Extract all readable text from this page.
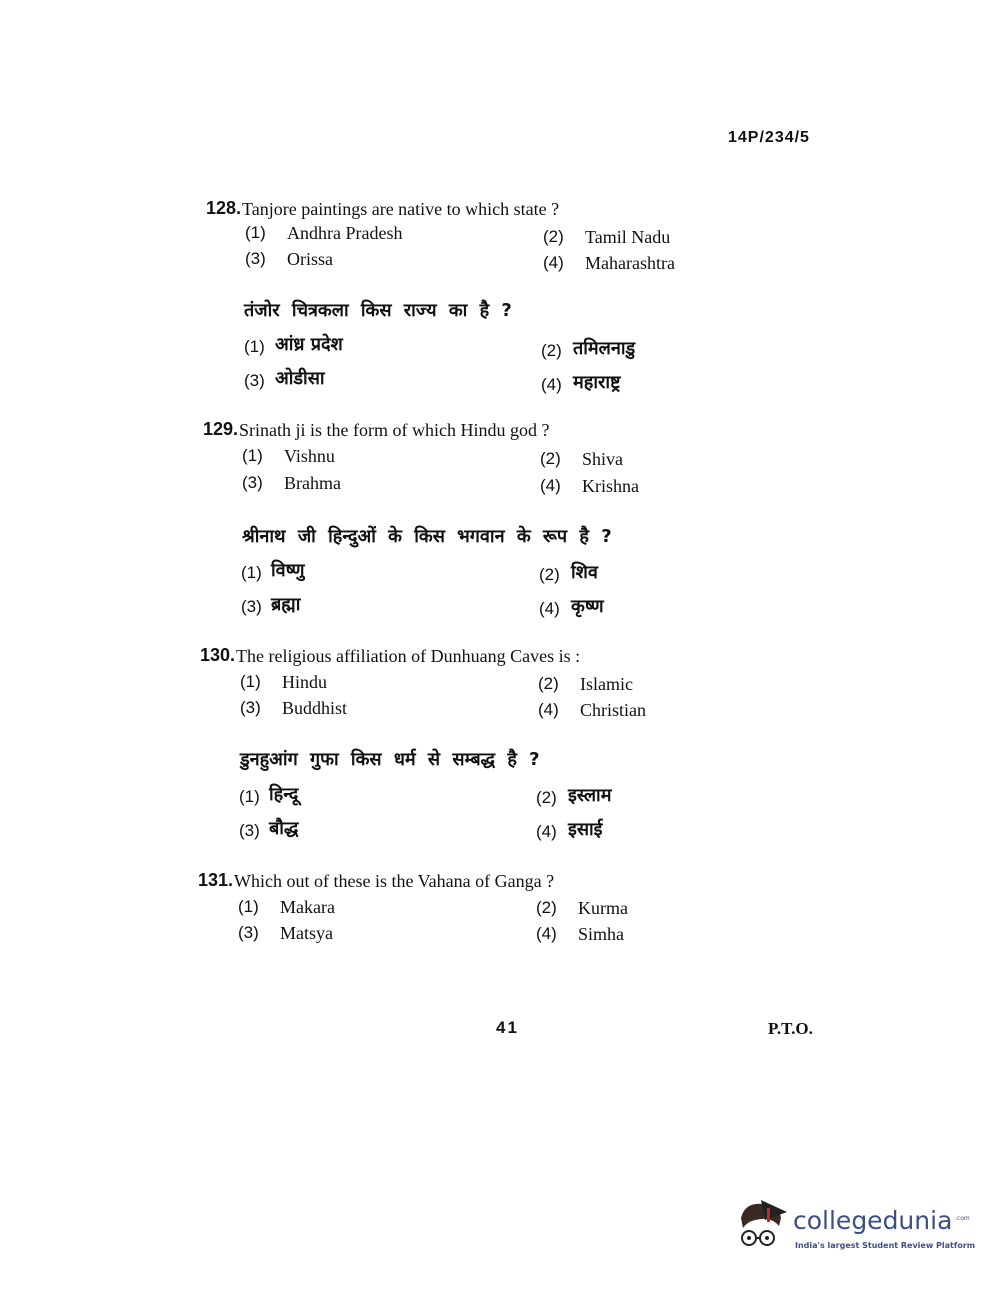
14P/234/5
128. Tanjore paintings are native to which state ?
(1) Andhra Pradesh	(2) Tamil Nadu
(3) Orissa	(4) Maharashtra
तंजोर चित्रकला किस राज्य का है ?
(1) आंध्र प्रदेश	(2) तमिलनाडु
(3) ओडीसा	(4) महाराष्ट्र
129. Srinath ji is the form of which Hindu god ?
(1) Vishnu	(2) Shiva
(3) Brahma	(4) Krishna
श्रीनाथ जी हिन्दुओं के किस भगवान के रूप है ?
(1) विष्णु	(2) शिव
(3) ब्रह्मा	(4) कृष्ण
130. The religious affiliation of Dunhuang Caves is :
(1) Hindu	(2) Islamic
(3) Buddhist	(4) Christian
डुनहुआंग गुफा किस धर्म से सम्बद्ध है ?
(1) हिन्दू	(2) इस्लाम
(3) बौद्ध	(4) इसाई
131. Which out of these is the Vahana of Ganga ?
(1) Makara	(2) Kurma
(3) Matsya	(4) Simha
41	P.T.O.
collegedunia .com
India's largest Student Review Platform
